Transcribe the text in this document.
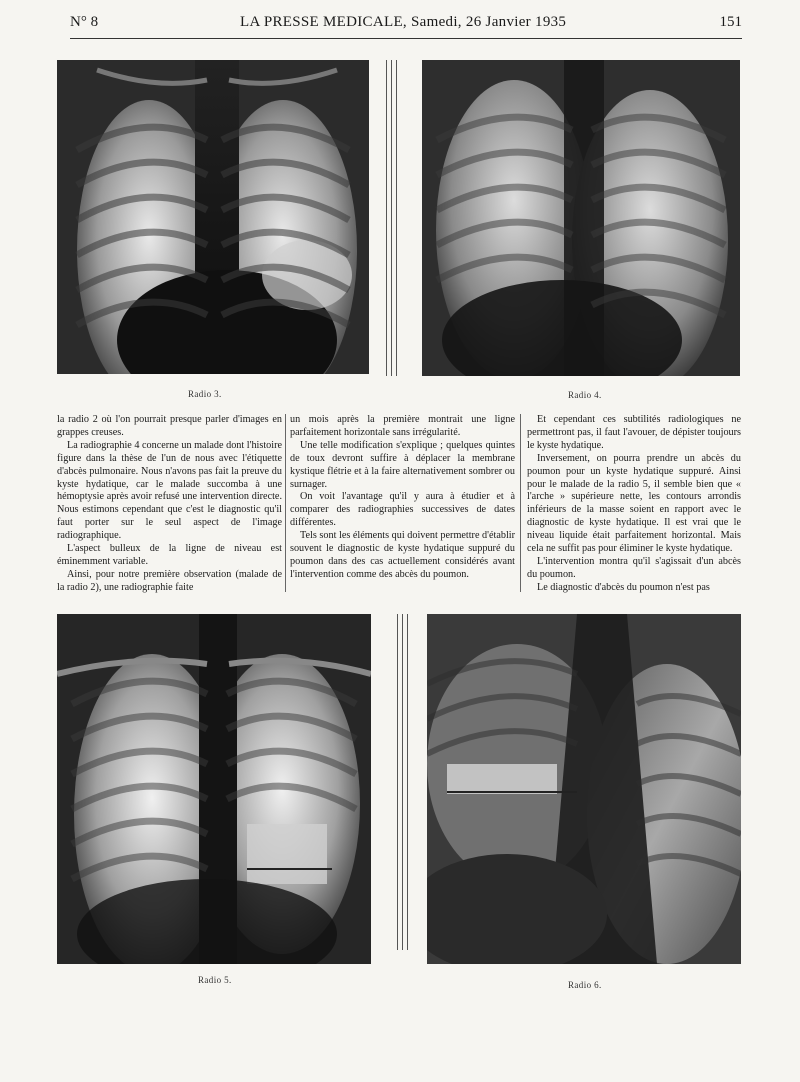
N° 8	LA PRESSE MEDICALE, Samedi, 26 Janvier 1935	151
Radio 3.	Radio 4.

la radio 2 où l'on pourrait presque parler d'images en grappes creuses.

La radiographie 4 concerne un malade dont l'histoire figure dans la thèse de l'un de nous avec l'étiquette d'abcès pulmonaire. Nous n'avons pas fait la preuve du kyste hydatique, car le malade succomba à une hémoptysie après avoir refusé une intervention directe. Nous estimons cependant que c'est le diagnostic qu'il faut porter sur le seul aspect de l'image radiographique.

L'aspect bulleux de la ligne de niveau est éminemment variable.

Ainsi, pour notre première observation (malade de la radio 2), une radiographie faite

un mois après la première montrait une ligne parfaitement horizontale sans irrégularité.

Une telle modification s'explique ; quelques quintes de toux devront suffire à déplacer la membrane kystique flétrie et à la faire alternativement sombrer ou surnager.

On voit l'avantage qu'il y aura à étudier et à comparer des radiographies successives de dates différentes.

Tels sont les éléments qui doivent permettre d'établir souvent le diagnostic de kyste hydatique suppuré du poumon dans des cas actuellement considérés avant l'intervention comme des abcès du poumon.

Et cependant ces subtilités radiologiques ne permettront pas, il faut l'avouer, de dépister toujours le kyste hydatique.

Inversement, on pourra prendre un abcès du poumon pour un kyste hydatique suppuré. Ainsi pour le malade de la radio 5, il semble bien que « l'arche » supérieure nette, les contours arrondis inférieurs de la masse soient en rapport avec le diagnostic de kyste hydatique. Il est vrai que le niveau liquide était parfaitement horizontal. Mais cela ne suffit pas pour éliminer le kyste hydatique.

L'intervention montra qu'il s'agissait d'un abcès du poumon.

Le diagnostic d'abcès du poumon n'est pas

Radio 5.	Radio 6.
